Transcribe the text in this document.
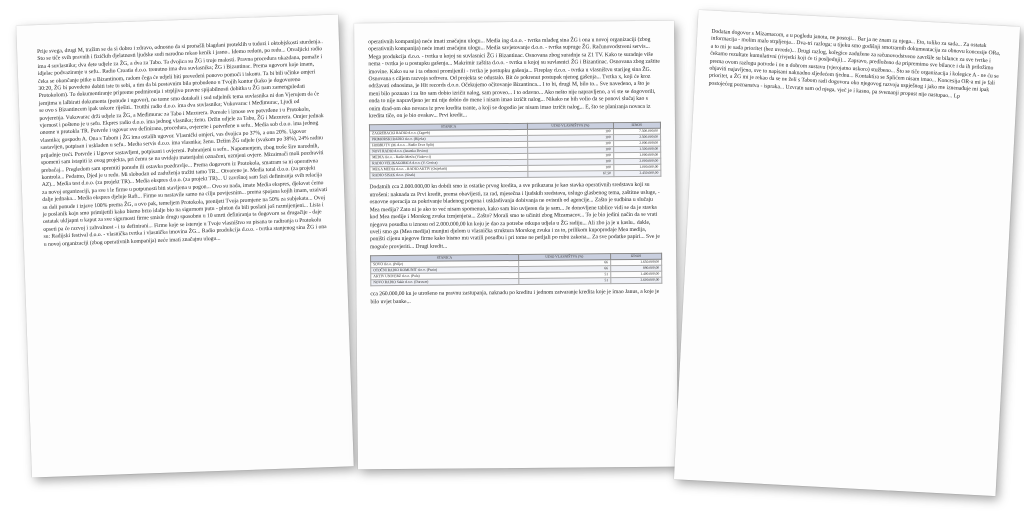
Prije svega, drugi M, tražim se da si dobro i zdravo, odnosno da si pronašli blagdani proteklih u tudozi i oktobjskosti sturdenja.. Sto se tiče svih pravnih i fizičkih djelatnosti ljudske sudi narodno rekao kenik i jasno.. Idemo redom, po redu... Otvaljicki radio ima 4 suvlasnika; dva dete udjele za ŽG, a dva za Tabo. Ta dvojica su ŽG i troje malosti. Pravna procedura ukazdana, pomaže i idjelac podvaziranje u sefu.. Radio Croatia d.o.o. trenutno ima dva suvlasnika; ŽG i Bizantinac. Prema ugovoru koje imam, čeka se okončanje pitke u Bizantinom, radom čega će udjeli biti prevedeni ponovo pomoći i iskonu. Ta bi bili učinke omjeri 30:20, ŽG bi povedeno dobiti iste tu sebi, a tim da bi postavnim bila probudeno u Tvojih kontur (kako je dogovoreno Protokolom). To dokumentiranje pripreme podmirenja i strpljivo pravne spijabilnosti dobitka u ŽG nam zamenguledati jemjima u lalbirati dokumenta (ponude i ugovor), no tome smo dotakali i sud udjelnik tema suvlasnika ni dan Vjerujem da će se ovo s Bizantincem ipak uskore riješiti.. Trutthi radio d.o.o. ima dva suvlasnika; Vukovarac i Međimurac, Ljudi od povjerenja. Vukovarac drži udjele za ŽG, a Međimurac za Tabo i Mezurera. Poreale i iznose sve potvrđene i u Protokolu, vjernost i pošteno je u sefu. Ekpres radio d.o.o. ima jednog vlasnika; ženu. Držin udjele za Tabu, ŽG i Mezurera. Omjer jednak onome u protokla TR. Potvrde i ugovor sve definirano, procedura, ovjerene i potvrđene u sefu.. Media sob d.o.o. ima jednog vlasnika; gospodu A. Ona s Tabom i ŽG ima ostalih ugovor. Vlasnički omjeri, vas dvojica po 37%, a ona 20%. Ugovor sastavljen, potpisan i uskladen u sefu.. Media servis d.o.o. ima vlasnika; ženu. Držim ŽG udjele (svakom po 38%), 24% radnu prijadnje treći. Potvrde i Ugovor sastavljeni, potpisani i ovjereni. Pohranjeni u sefu.. Napomenjem, zbog troše šire narodnih, spomeni sam istapiti iz ovog projekta, pri čemu se na uvidaju materijalni označeni, uzmjeni ovjere. Mizaimači moli pozdraviti prebačaj... Pregledom sam spremiti ponudu ili ostavka pozdravlje... Prema dogovoru iz Protokola, smatram sa ni operativna kontrola... Pedatno, Djed je u redu. Mi slobodan od zaduženja tražiti tamo TR... Otvorene je. Media total d.o.o. (za projekt AZ)... Media test d.o.o. (za projekt TR)... Media ekspres d.o.o. (za projekt TR)... U završnoj sam fazi definiranja svih relacija za novoj organizaciji, pa sve i le firme u potpunosti biti stavljena u pogon... Ovo su nada, imate Media ekspres, djelovat ćemo dalje jednaka... Media ekspres djeluje Rafi... Firme su nastavile samo na cilju povijesnim... prema spojana kojih imam, uzaivati su dali ponude i izjave 100% prema ŽG, a ovo pak, temeljem Protokola, prenijeti Tvoja promjene na 50% za subjekata... Ovoj je poslanik koju smo primijetili kako bismo brzo idalje bio na sigurnom putu - pluton da bili poslani još razmijenjeni... Lista i ostatak ukljapni u kaput za sve sigurnosti firme smisle drugu sposobnu u 10 smrti definiranja ta dogovoru sa drugačije - daje opseti pa će razvoj i zahvalnost - i to definirani... Firme koje se isteruje u Tvoje vlasništvo su pisana te radiranja u Protokolu su: Radijski festival d.o.o. - vlasnička tvrtka i vlasnička imovina ŽG... Radio produkcija d.o.o. - tvrtka stanjenog sina ŽG i ona u novoj organizaciji (zbog operativnih kompanija) neće imati značajnu ulogu...
operativnih kompanija) neće imati značajnu ulogu... Media ing d.o.o. - tvrtka mlađeg sina ŽG i ona u novoj organizaciji (zbog operativnih kompanija) neće imati značajnu ulogu... Media savjetovanje d.o.o. - tvrtka supruge ŽG. Računovodstveni servis... Mega produkcija d.o.o. - tvrtka u kojoj su suvlasnici ŽG i Bizantinac. Osnovana zbog suradnje sa Z1 TV. Kako te suradnje više nema - tvrtka je u postupku gašenja... Makrimir zaštita d.o.o. - tvrtka u kojoj su suvlasnici ŽG i Bizantinac. Osnovana zbog zaštite imovine. Kako su se i ta odnosi promijenili - tvrtka je postupku gašenja... Fireplay d.o.o. - tvrtka u vlasništvu starijeg sina ŽG. Osnovana s ciljem razvoja softvera. Od projekta se odustalo. Bit će pokrenut postupak njenog gašenja... Tvrtka x, koji će kroz održavati odnosima, je Hit records d.o.o. Očekujemo očitovanje Bizantinca... I to bi, drugi M, bilo to... Sve navedeno, a što je meni bilo poznato i za što sam dobio izričit nalog, sam proveo... I to odavno... Ako nešto nije napravljeno, a vi ste se dogovorili, onda to nije napravljeno jer mi nije dobio do mene i nisam imao izričit nalog... Nikako ne bih volio da se ponovi slučaj kao s onim drad-om oko novaca iz prve kredita trante, a koji se dogodio jer nisam imao izričit nalog... E, što se planiranja novaca iz kredita tiče, on je bio ovakav... Prvi kredit...
STANICA	UDIO VLASNIŠTVA (%)	IZNOS
ZAGREBACKI RADIO d.o.o. (Zagreb)	100	7.500.000,00
PRIMORSKI RADIO d.o.o. (Rijeka)	100	2.500.000,00
HOBBIJ TV (M. d.o.o. - Radio Drva Split)	100	2.000.000,00
NOVI RADIO d.o.o. (Istarska Drvina)	100	1.500.000,00
MEDIA d.o.o. - Radio Mreža (Vinkovci)	100	1.000.000,00
RADIO VELIKAGORICA d.o.o. (V. Gorica)	100	2.000.000,00
MEGA MEDIA d.o.o. - RADIO AKTIV (Osijekaši)	100	1.000.000,00
RADIO SISAK d.o.o. (Sisak)	67,50	2.450.000,00
Dodatnih cca 2.000.000,00 kn dobili smo iz ostatke prvog kredita, a sve prikazana je kao stavka operativnih sredstava koji su utrošeni: naknada za Prvi kredit, prema obavijesti, za rad, mjesečna i ljudskih sredstava, uslugo glasbenog tema, zaštitne usluge, - osnovne operacija za pokrivanje bladenog pogona i uskladivanja dobivanja ne ovisnih od agencije... Zašto je sudbina u slučaju Mea medija? Zato ni je ako to već nisam spomenuo, kako sam bio uvijeren da je sam... Je donovljene tablice vidi se da je stavka kod Mea medije i Morskog zvuka izmjenjena... Zašto? Morali smo te učiniti zbog Mizamacov... To je bio jedini način da se vrati njegova posudba u iznosu od 2.000.000,00 kn koju je dao za potrebe otkupa udjela u ŽG radiju... Ali zbo ja je u kaslu.. dakle, uveli smo ga (Mea medija) munjini djelom u vlasnička struktura Morskog zvuka i za to, prilikom kupoprodaje Mea medija, poništi cijenu njegove firme kako bismo mu vratili posudbu i pri tome ne petljali po rubu zakona... Za sve podatke papiri... Sve je moguće provjeriti... Drugi kredit...
STANICA	UDIO VLASNIŠTVA (%)	IZNOS
SOVO d.o.o. (Prilje)	66	1.650.000,00
OTOČNI RADIO KOMUNIT d.o.o. (Pazin)	66	890.000,00
AKTIV UNIVERZ d.o.o. (Pula)	51	1.400.000,00
NOVO RADIO Sakit d.o.o. (Daruvar)	51	2.600.000,00
cca 260.000,00 kn je utrošeno na pravnu zastupanja, naknadu po kreditu i jednom zatvaranje kredita koje je imao Janus, a koje je bilo uvjet banke...
Dodatan dogovor s Mizamacom, a u pogledu janota, ne postoji... Bar ja ne znam za njega... Eto, toliko za sada... Za ostatak informacija - molim malo strpljenja... Dva-tri razloga; u tijeku smo godišnji smotrarnih dokumentacija za obnovu koncesije ORa, a to mi je sada prioritet (bez uvrede)... Drugi razlog, kolegice zadužene za računovodstveno završile su bilance za sve tvrtke i čekamo rezultate kumulativni (rivjetki koji će ti posljednji)... Zapravo, predloženo da pripremimo sve bilance i da ih priložimo prema ovom razlogu potvrde i ne u dobrom sustavu (vjerojatno uskoro) stužbeno... Što se tiče organizacija i kolegice A - ne ću se objaviti najavljeno, sve to napisani naknadno sljedećem tjednu... Kontaktira se Splićem nisam imao... Koncesija OR-a mi je fali prioritet, a ŽG mi je rekao da se ne želi s Tabom radi dogovora oko njegovog razvoja uspješnog i jako me iznenađuje mi ipak postojećeg poznanstva - ispraka... Uzvratn sam od njega, vječ je i kasno, pa svemanji propust nije nastupao... Lp
